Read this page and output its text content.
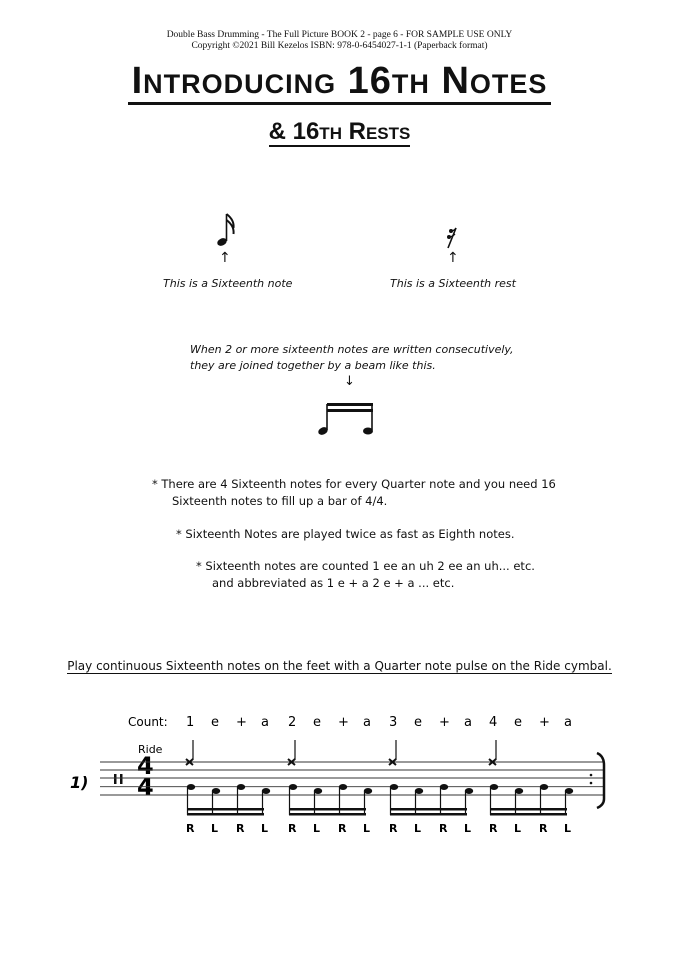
Double Bass Drumming - The Full Picture BOOK 2 - page 6 - FOR SAMPLE USE ONLY
Copyright ©2021 Bill Kezelos ISBN: 978-0-6454027-1-1 (Paperback format)
Introducing 16th Notes
& 16th Rests
↑	↑
This is a Sixteenth note	This is a Sixteenth rest
When 2 or more sixteenth notes are written consecutively,
they are joined together by a beam like this.
↓
* There are 4 Sixteenth notes for every Quarter note and you need 16
Sixteenth notes to fill up a bar of 4/4.
* Sixteenth Notes are played twice as fast as Eighth notes.
* Sixteenth notes are counted 1 ee an uh 2 ee an uh... etc.
and abbreviated as 1 e + a 2 e + a ... etc.
Play continuous Sixteenth notes on the feet with a Quarter note pulse on the Ride cymbal.
Count:
Ride
1)
4
4
1
R
e
L
+
R
a
L
2
R
e
L
+
R
a
L
3
R
e
L
+
R
a
L
4
R
e
L
+
R
a
L
